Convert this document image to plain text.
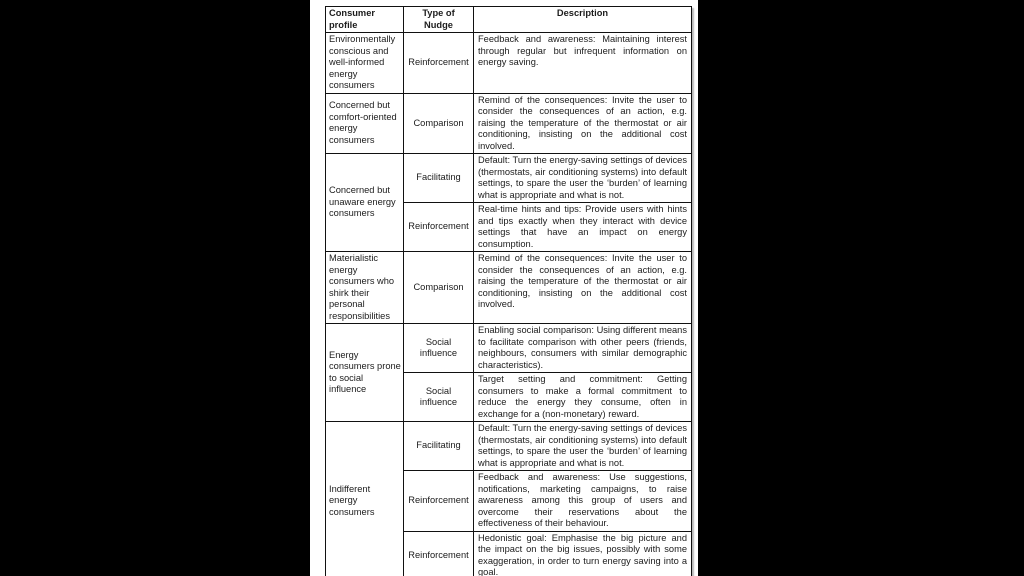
Consumer profile	Type of Nudge	Description
Environmentally conscious and well-informed energy consumers	Reinforcement	Feedback and awareness: Maintaining interest through regular but infrequent information on energy saving.
Concerned but comfort-oriented energy consumers	Comparison	Remind of the consequences: Invite the user to consider the consequences of an action, e.g. raising the temperature of the thermostat or air conditioning, insisting on the additional cost involved.
Concerned but unaware energy consumers	Facilitating	Default: Turn the energy-saving settings of devices (thermostats, air conditioning systems) into default settings, to spare the user the ‘burden’ of learning what is appropriate and what is not.
	Reinforcement	Real-time hints and tips: Provide users with hints and tips exactly when they interact with device settings that have an impact on energy consumption.
Materialistic energy consumers who shirk their personal responsibilities	Comparison	Remind of the consequences: Invite the user to consider the consequences of an action, e.g. raising the temperature of the thermostat or air conditioning, insisting on the additional cost involved.
Energy consumers prone to social influence	Social influence	Enabling social comparison: Using different means to facilitate comparison with other peers (friends, neighbours, consumers with similar demographic characteristics).
	Social influence	Target setting and commitment: Getting consumers to make a formal commitment to reduce the energy they consume, often in exchange for a (non-monetary) reward.
Indifferent energy consumers	Facilitating	Default: Turn the energy-saving settings of devices (thermostats, air conditioning systems) into default settings, to spare the user the ‘burden’ of learning what is appropriate and what is not.
	Reinforcement	Feedback and awareness: Use suggestions, notifications, marketing campaigns, to raise awareness among this group of users and overcome their reservations about the effectiveness of their behaviour.
	Reinforcement	Hedonistic goal: Emphasise the big picture and the impact on the big issues, possibly with some exaggeration, in order to turn energy saving into a goal.
